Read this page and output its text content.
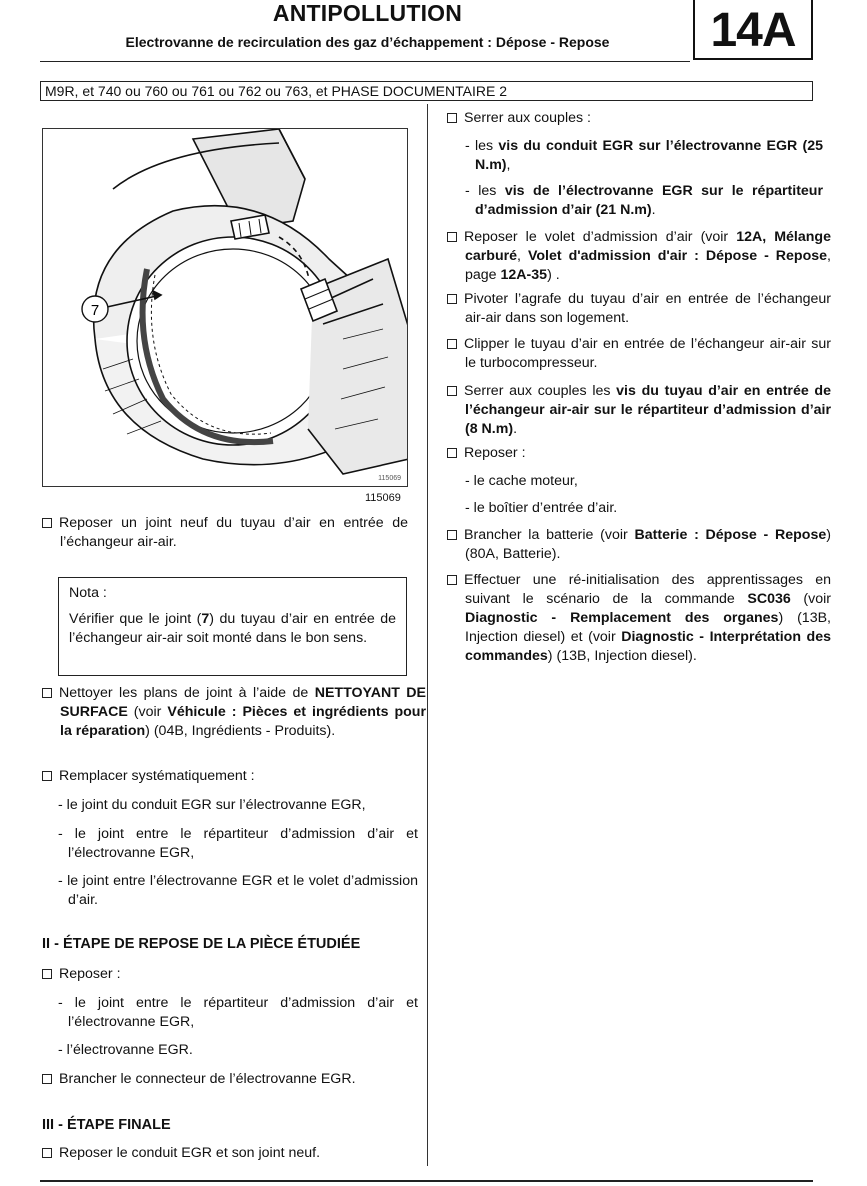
ANTIPOLLUTION
Electrovanne de recirculation des gaz d’échappement : Dépose - Repose	14A
M9R, et 740 ou 760 ou 761 ou 762 ou 763, et PHASE DOCUMENTAIRE 2
7
115069
115069
Reposer un joint neuf du tuyau d’air en entrée de
l’échangeur air-air.
Nota :
Vérifier que le joint (7) du tuyau d’air en entrée de l’échangeur air-air soit monté dans le bon sens.
Nettoyer les plans de joint à l’aide de NETTOYANT DE SURFACE (voir Véhicule : Pièces et ingrédients pour la réparation) (04B, Ingrédients - Produits).
Remplacer systématiquement :
- le joint du conduit EGR sur l’électrovanne EGR,
- le joint entre le répartiteur d’admission d’air et l’électrovanne EGR,
- le joint entre l’électrovanne EGR et le volet d’admission d’air.
II - ÉTAPE DE REPOSE DE LA PIÈCE ÉTUDIÉE
Reposer :
- le joint entre le répartiteur d’admission d’air et l’électrovanne EGR,
- l’électrovanne EGR.
Brancher le connecteur de l’électrovanne EGR.
III - ÉTAPE FINALE
Reposer le conduit EGR et son joint neuf.
Serrer aux couples :
- les vis du conduit EGR sur l’électrovanne EGR (25 N.m),
- les vis de l’électrovanne EGR sur le répartiteur d’admission d’air (21 N.m).
Reposer le volet d’admission d’air (voir 12A, Mélange carburé, Volet d'admission d'air : Dépose - Repose, page 12A-35) .
Pivoter l’agrafe du tuyau d’air en entrée de l’échangeur air-air dans son logement.
Clipper le tuyau d’air en entrée de l’échangeur air-air sur le turbocompresseur.
Serrer aux couples les vis du tuyau d’air en entrée de l’échangeur air-air sur le répartiteur d’admission d’air (8 N.m).
Reposer :
- le cache moteur,
- le boîtier d’entrée d’air.
Brancher la batterie (voir Batterie : Dépose - Repose) (80A, Batterie).
Effectuer une ré-initialisation des apprentissages en suivant le scénario de la commande SC036 (voir Diagnostic - Remplacement des organes) (13B, Injection diesel) et (voir Diagnostic - Interprétation des commandes) (13B, Injection diesel).
